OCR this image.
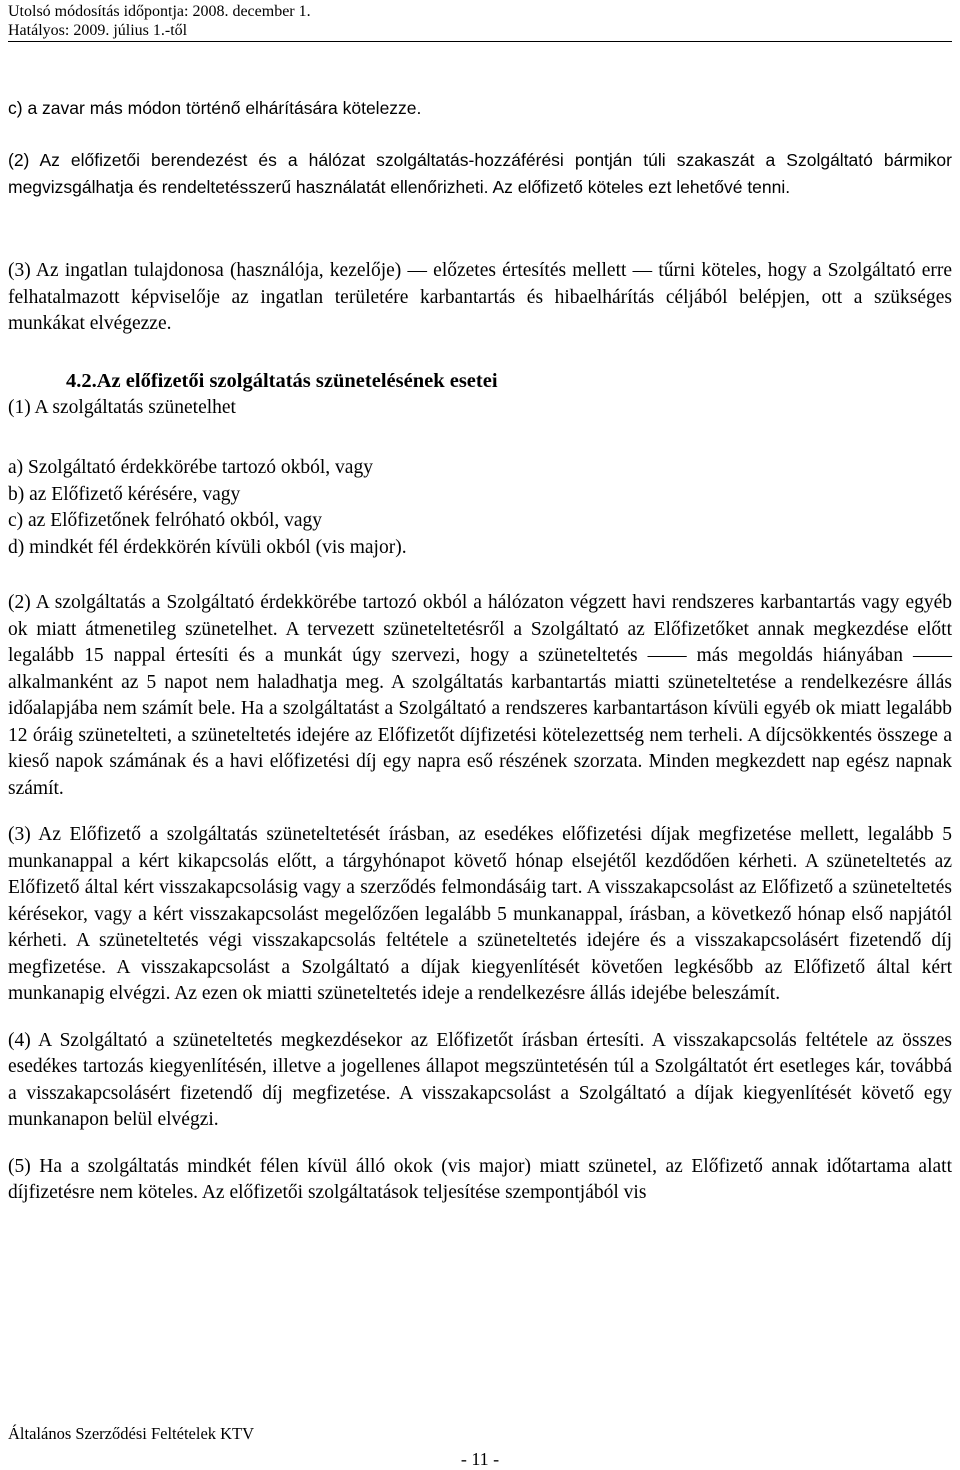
Utolsó módosítás időpontja: 2008. december 1.
Hatályos: 2009. július 1.-től

c) a zavar más módon történő elhárítására kötelezze.

(2) Az előfizetői berendezést és a hálózat szolgáltatás-hozzáférési pontján túli szakaszát a Szolgáltató bármikor megvizsgálhatja és rendeltetésszerű használatát ellenőrizheti. Az előfizető köteles ezt lehetővé tenni.

(3) Az ingatlan tulajdonosa (használója, kezelője) ― előzetes értesítés mellett ― tűrni köteles, hogy a Szolgáltató erre felhatalmazott képviselője az ingatlan területére karbantartás és hibaelhárítás céljából belépjen, ott a szükséges munkákat elvégezze.

4.2.Az előfizetői szolgáltatás szünetelésének esetei

(1) A szolgáltatás szünetelhet

a) Szolgáltató érdekkörébe tartozó okból, vagy
b) az Előfizető kérésére, vagy
c) az Előfizetőnek felróható okból, vagy
d) mindkét fél érdekkörén kívüli okból (vis major).

(2) A szolgáltatás a Szolgáltató érdekkörébe tartozó okból a hálózaton végzett havi rendszeres karbantartás vagy egyéb ok miatt átmenetileg szünetelhet. A tervezett szüneteltetésről a Szolgáltató az Előfizetőket annak megkezdése előtt legalább 15 nappal értesíti és a munkát úgy szervezi, hogy a szüneteltetés ―― más megoldás hiányában ―― alkalmanként az 5 napot nem haladhatja meg. A szolgáltatás karbantartás miatti szüneteltetése a rendelkezésre állás időalapjába nem számít bele. Ha a szolgáltatást a Szolgáltató a rendszeres karbantartáson kívüli egyéb ok miatt legalább 12 óráig szünetelteti, a szüneteltetés idejére az Előfizetőt díjfizetési kötelezettség nem terheli. A díjcsökkentés összege a kieső napok számának és a havi előfizetési díj egy napra eső részének szorzata. Minden megkezdett nap egész napnak számít.

(3) Az Előfizető a szolgáltatás szüneteltetését írásban, az esedékes előfizetési díjak megfizetése mellett, legalább 5 munkanappal a kért kikapcsolás előtt, a tárgyhónapot követő hónap elsejétől kezdődően kérheti. A szüneteltetés az Előfizető által kért visszakapcsolásig vagy a szerződés felmondásáig tart. A visszakapcsolást az Előfizető a szüneteltetés kérésekor, vagy a kért visszakapcsolást megelőzően legalább 5 munkanappal, írásban, a következő hónap első napjától kérheti. A szüneteltetés végi visszakapcsolás feltétele a szüneteltetés idejére és a visszakapcsolásért fizetendő díj megfizetése. A visszakapcsolást a Szolgáltató a díjak kiegyenlítését követően legkésőbb az Előfizető által kért munkanapig elvégzi. Az ezen ok miatti szüneteltetés ideje a rendelkezésre állás idejébe beleszámít.

(4) A Szolgáltató a szüneteltetés megkezdésekor az Előfizetőt írásban értesíti. A visszakapcsolás feltétele az összes esedékes tartozás kiegyenlítésén, illetve a jogellenes állapot megszüntetésén túl a Szolgáltatót ért esetleges kár, továbbá a visszakapcsolásért fizetendő díj megfizetése. A visszakapcsolást a Szolgáltató a díjak kiegyenlítését követő egy munkanapon belül elvégzi.

(5) Ha a szolgáltatás mindkét félen kívül álló okok (vis major) miatt szünetel, az Előfizető annak időtartama alatt díjfizetésre nem köteles. Az előfizetői szolgáltatások teljesítése szempontjából vis

Általános Szerződési Feltételek KTV
- 11 -
